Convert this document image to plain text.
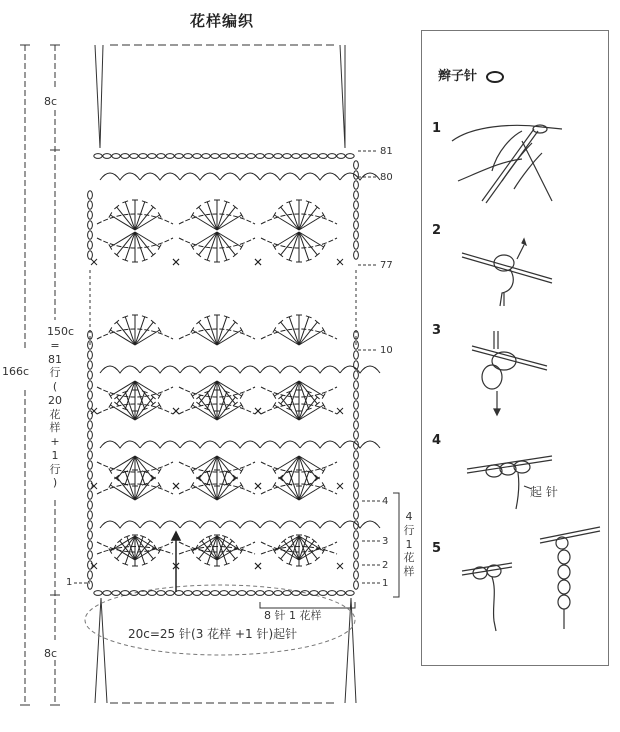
花样编织
8c
166c
8c
150c
=
81
行
(
20
花
样
+
1
行
)
8 针 1 花样
20c=25 针(3 花样 +1 针)起针
4
行
1
花
样
81
80
77
10
4
3
2
1
1
辫子针
1
2
3
4
5
起 针
